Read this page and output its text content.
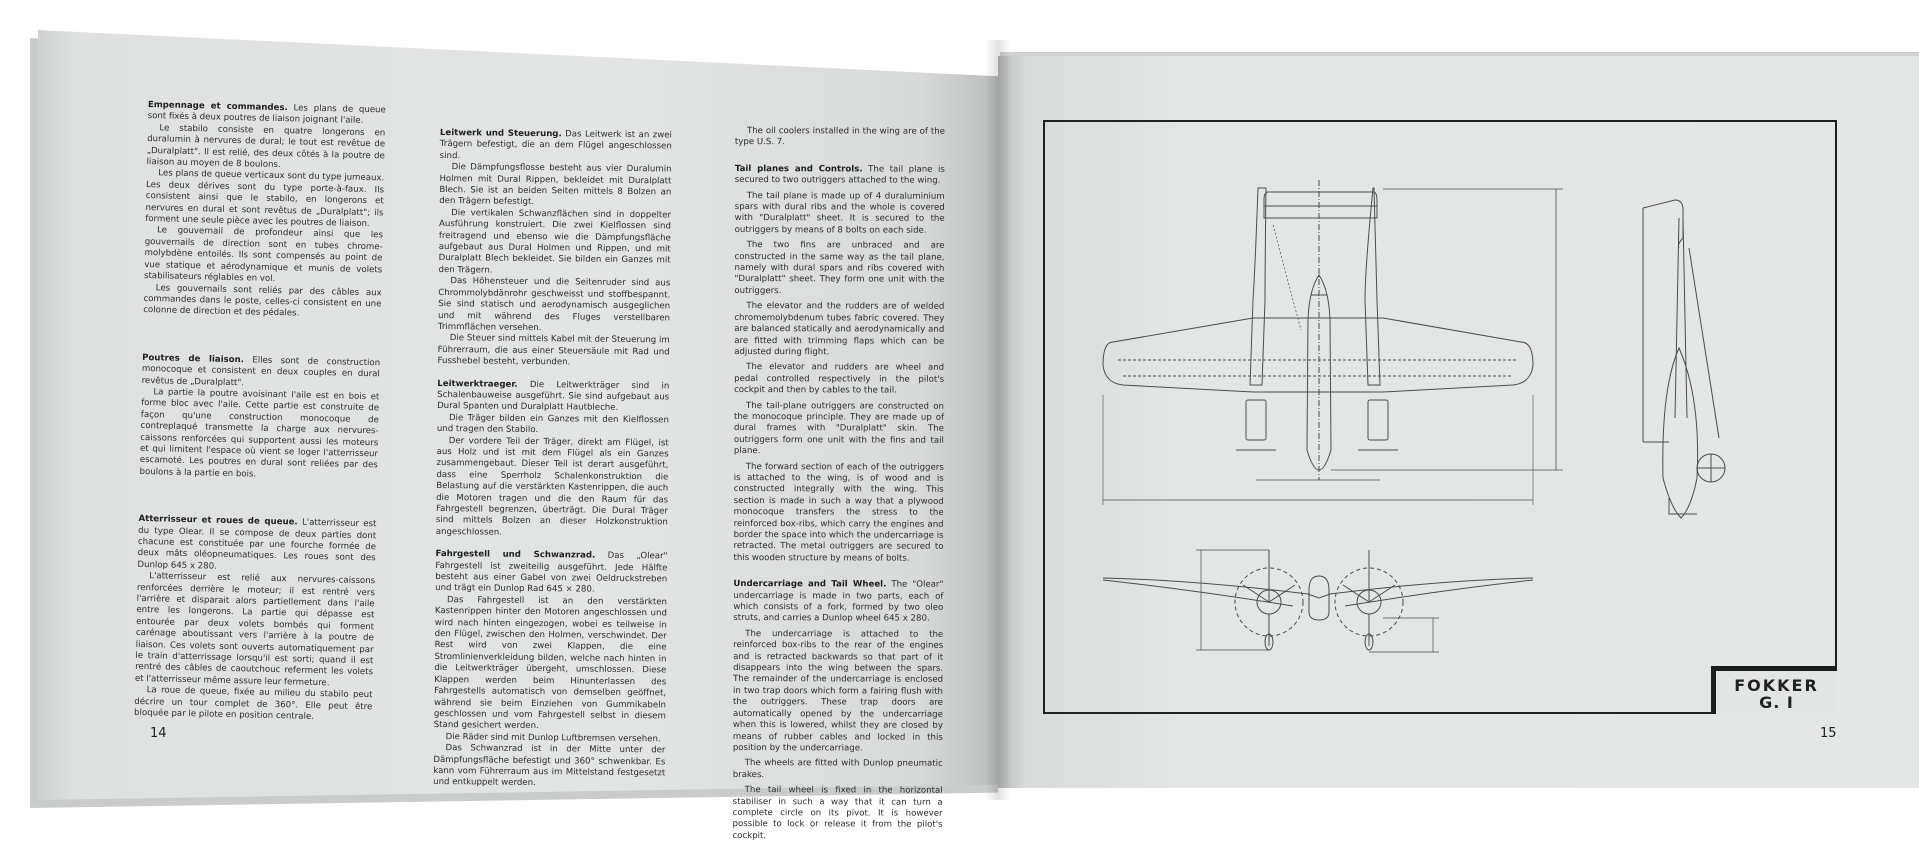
Empennage et commandes. Les plans de queue sont fixés à deux poutres de liaison joignant l'aile.

Le stabilo consiste en quatre longerons en duralumin à nervures de dural; le tout est revêtue de „Duralplatt". Il est relié, des deux côtés à la poutre de liaison au moyen de 8 boulons.

Les plans de queue verticaux sont du type jumeaux. Les deux dérives sont du type porte-à-faux. Ils consistent ainsi que le stabilo, en longerons et nervures en dural et sont revêtus de „Duralplatt"; ils forment une seule pièce avec les poutres de liaison.

Le gouvernail de profondeur ainsi que les gouvernails de direction sont en tubes chrome-molybdène entoilés. Ils sont compensés au point de vue statique et aérodynamique et munis de volets stabilisateurs réglables en vol.

Les gouvernails sont reliés par des câbles aux commandes dans le poste, celles-ci consistent en une colonne de direction et des pédales.

Poutres de liaison. Elles sont de construction monocoque et consistent en deux couples en dural revêtus de „Duralplatt".

La partie la poutre avoisinant l'aile est en bois et forme bloc avec l'aile. Cette partie est construite de façon qu'une construction monocoque de contreplaqué transmette la charge aux nervures-caissons renforcées qui supportent aussi les moteurs et qui limitent l'espace où vient se loger l'atterrisseur escamoté. Les poutres en dural sont reliées par des boulons à la partie en bois.

Atterrisseur et roues de queue. L'atterrisseur est du type Olear. Il se compose de deux parties dont chacune est constituée par une fourche formée de deux mâts oléopneumatiques. Les roues sont des Dunlop 645 x 280.

L'atterrisseur est relié aux nervures-caissons renforcées derrière le moteur; il est rentré vers l'arrière et disparait alors partiellement dans l'aile entre les longerons. La partie qui dépasse est entourée par deux volets bombés qui forment carénage aboutissant vers l'arrière à la poutre de liaison. Ces volets sont ouverts automatiquement par le train d'atterrissage lorsqu'il est sorti; quand il est rentré des câbles de caoutchouc referment les volets et l'atterrisseur même assure leur fermeture.

La roue de queue, fixée au milieu du stabilo peut décrire un tour complet de 360°. Elle peut être bloquée par le pilote en position centrale.

Leitwerk und Steuerung. Das Leitwerk ist an zwei Trägern befestigt, die an dem Flügel angeschlossen sind.

Die Dämpfungsflosse besteht aus vier Duralumin Holmen mit Dural Rippen, bekleidet mit Duralplatt Blech. Sie ist an beiden Seiten mittels 8 Bolzen an den Trägern befestigt.

Die vertikalen Schwanzflächen sind in doppelter Ausführung konstruiert. Die zwei Kielflossen sind freitragend und ebenso wie die Dämpfungsfläche aufgebaut aus Dural Holmen und Rippen, und mit Duralplatt Blech bekleidet. Sie bilden ein Ganzes mit den Trägern.

Das Höhensteuer und die Seitenruder sind aus Chrommolybdänrohr geschweisst und stoffbespannt. Sie sind statisch und aerodynamisch ausgeglichen und mit während des Fluges verstellbaren Trimmflächen versehen.

Die Steuer sind mittels Kabel mit der Steuerung im Führerraum, die aus einer Steuersäule mit Rad und Fusshebel besteht, verbunden.

Leitwerktraeger. Die Leitwerkträger sind in Schalenbauweise ausgeführt. Sie sind aufgebaut aus Dural Spanten und Duralplatt Hautbleche.

Die Träger bilden ein Ganzes mit den Kielflossen und tragen den Stabilo.

Der vordere Teil der Träger, direkt am Flügel, ist aus Holz und ist mit dem Flügel als ein Ganzes zusammengebaut. Dieser Teil ist derart ausgeführt, dass eine Sperrholz Schalenkonstruktion die Belastung auf die verstärkten Kastenrippen, die auch die Motoren tragen und die den Raum für das Fahrgestell begrenzen, überträgt. Die Dural Träger sind mittels Bolzen an dieser Holzkonstruktion angeschlossen.

Fahrgestell und Schwanzrad. Das „Olear" Fahrgestell ist zweiteilig ausgeführt. Jede Hälfte besteht aus einer Gabel von zwei Oeldruckstreben und trägt ein Dunlop Rad 645 × 280.

Das Fahrgestell ist an den verstärkten Kastenrippen hinter den Motoren angeschlossen und wird nach hinten eingezogen, wobei es teilweise in den Flügel, zwischen den Holmen, verschwindet. Der Rest wird von zwei Klappen, die eine Stromlinienverkleidung bilden, welche nach hinten in die Leitwerkträger übergeht, umschlossen. Diese Klappen werden beim Hinunterlassen des Fahrgestells automatisch von demselben geöffnet, während sie beim Einziehen von Gummikabeln geschlossen und vom Fahrgestell selbst in diesem Stand gesichert werden.

Die Räder sind mit Dunlop Luftbremsen versehen.

Das Schwanzrad ist in der Mitte unter der Dämpfungsfläche befestigt und 360° schwenkbar. Es kann vom Führerraum aus im Mittelstand festgesetzt und entkuppelt werden.

The oil coolers installed in the wing are of the type U.S. 7.

Tail planes and Controls. The tail plane is secured to two outriggers attached to the wing.

The tail plane is made up of 4 duraluminium spars with dural ribs and the whole is covered with "Duralplatt" sheet. It is secured to the outriggers by means of 8 bolts on each side.

The two fins are unbraced and are constructed in the same way as the tail plane, namely with dural spars and ribs covered with "Duralplatt" sheet. They form one unit with the outriggers.

The elevator and the rudders are of welded chromemolybdenum tubes fabric covered. They are balanced statically and aerodynamically and are fitted with trimming flaps which can be adjusted during flight.

The elevator and rudders are wheel and pedal controlled respectively in the pilot's cockpit and then by cables to the tail.

The tail-plane outriggers are constructed on the monocoque principle. They are made up of dural frames with "Duralplatt" skin. The outriggers form one unit with the fins and tail plane.

The forward section of each of the outriggers is attached to the wing, is of wood and is constructed integrally with the wing. This section is made in such a way that a plywood monocoque transfers the stress to the reinforced box-ribs, which carry the engines and border the space into which the undercarriage is retracted. The metal outriggers are secured to this wooden structure by means of bolts.

Undercarriage and Tail Wheel. The "Olear" undercarriage is made in two parts, each of which consists of a fork, formed by two oleo struts, and carries a Dunlop wheel 645 x 280.

The undercarriage is attached to the reinforced box-ribs to the rear of the engines and is retracted backwards so that part of it disappears into the wing between the spars. The remainder of the undercarriage is enclosed in two trap doors which form a fairing flush with the outriggers. These trap doors are automatically opened by the undercarriage when this is lowered, whilst they are closed by means of rubber cables and locked in this position by the undercarriage.

The wheels are fitted with Dunlop pneumatic brakes.

The tail wheel is fixed in the horizontal stabiliser in such a way that it can turn a complete circle on its pivot. It is however possible to lock or release it from the pilot's cockpit.

14	15
FOKKER
G. I
